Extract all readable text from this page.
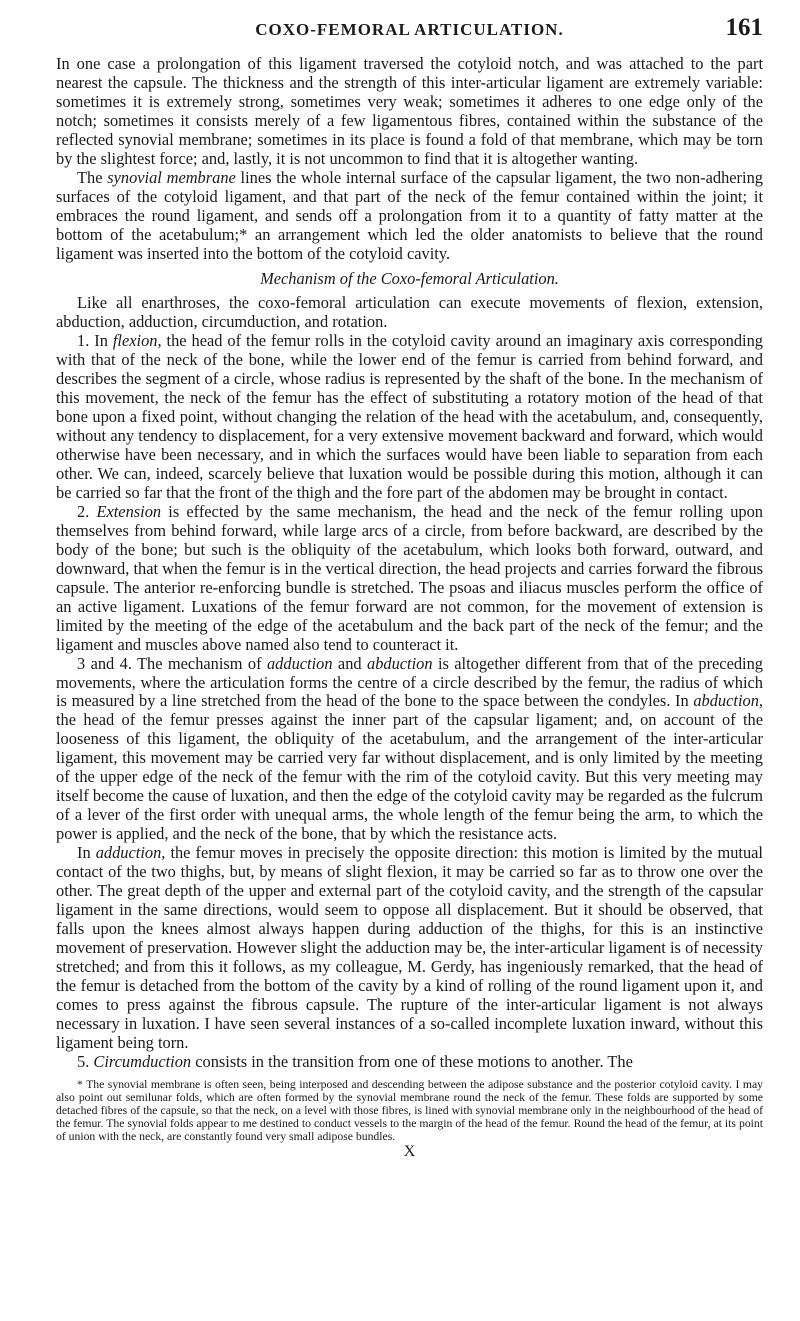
COXO-FEMORAL ARTICULATION.	161

In one case a prolongation of this ligament traversed the cotyloid notch, and was attached to the part nearest the capsule. The thickness and the strength of this inter-articular ligament are extremely variable: sometimes it is extremely strong, sometimes very weak; sometimes it adheres to one edge only of the notch; sometimes it consists merely of a few ligamentous fibres, contained within the substance of the reflected synovial membrane; sometimes in its place is found a fold of that membrane, which may be torn by the slightest force; and, lastly, it is not uncommon to find that it is altogether wanting.

The synovial membrane lines the whole internal surface of the capsular ligament, the two non-adhering surfaces of the cotyloid ligament, and that part of the neck of the femur contained within the joint; it embraces the round ligament, and sends off a prolongation from it to a quantity of fatty matter at the bottom of the acetabulum;* an arrangement which led the older anatomists to believe that the round ligament was inserted into the bottom of the cotyloid cavity.

Mechanism of the Coxo-femoral Articulation.

Like all enarthroses, the coxo-femoral articulation can execute movements of flexion, extension, abduction, adduction, circumduction, and rotation.

1. In flexion, the head of the femur rolls in the cotyloid cavity around an imaginary axis corresponding with that of the neck of the bone, while the lower end of the femur is carried from behind forward, and describes the segment of a circle, whose radius is represented by the shaft of the bone. In the mechanism of this movement, the neck of the femur has the effect of substituting a rotatory motion of the head of that bone upon a fixed point, without changing the relation of the head with the acetabulum, and, consequently, without any tendency to displacement, for a very extensive movement backward and forward, which would otherwise have been necessary, and in which the surfaces would have been liable to separation from each other. We can, indeed, scarcely believe that luxation would be possible during this motion, although it can be carried so far that the front of the thigh and the fore part of the abdomen may be brought in contact.

2. Extension is effected by the same mechanism, the head and the neck of the femur rolling upon themselves from behind forward, while large arcs of a circle, from before backward, are described by the body of the bone; but such is the obliquity of the acetabulum, which looks both forward, outward, and downward, that when the femur is in the vertical direction, the head projects and carries forward the fibrous capsule. The anterior re-enforcing bundle is stretched. The psoas and iliacus muscles perform the office of an active ligament. Luxations of the femur forward are not common, for the movement of extension is limited by the meeting of the edge of the acetabulum and the back part of the neck of the femur; and the ligament and muscles above named also tend to counteract it.

3 and 4. The mechanism of adduction and abduction is altogether different from that of the preceding movements, where the articulation forms the centre of a circle described by the femur, the radius of which is measured by a line stretched from the head of the bone to the space between the condyles. In abduction, the head of the femur presses against the inner part of the capsular ligament; and, on account of the looseness of this ligament, the obliquity of the acetabulum, and the arrangement of the inter-articular ligament, this movement may be carried very far without displacement, and is only limited by the meeting of the upper edge of the neck of the femur with the rim of the cotyloid cavity. But this very meeting may itself become the cause of luxation, and then the edge of the cotyloid cavity may be regarded as the fulcrum of a lever of the first order with unequal arms, the whole length of the femur being the arm, to which the power is applied, and the neck of the bone, that by which the resistance acts.

In adduction, the femur moves in precisely the opposite direction: this motion is limited by the mutual contact of the two thighs, but, by means of slight flexion, it may be carried so far as to throw one over the other. The great depth of the upper and external part of the cotyloid cavity, and the strength of the capsular ligament in the same directions, would seem to oppose all displacement. But it should be observed, that falls upon the knees almost always happen during adduction of the thighs, for this is an instinctive movement of preservation. However slight the adduction may be, the inter-articular ligament is of necessity stretched; and from this it follows, as my colleague, M. Gerdy, has ingeniously remarked, that the head of the femur is detached from the bottom of the cavity by a kind of rolling of the round ligament upon it, and comes to press against the fibrous capsule. The rupture of the inter-articular ligament is not always necessary in luxation. I have seen several instances of a so-called incomplete luxation inward, without this ligament being torn.

5. Circumduction consists in the transition from one of these motions to another. The

* The synovial membrane is often seen, being interposed and descending between the adipose substance and the posterior cotyloid cavity. I may also point out semilunar folds, which are often formed by the synovial membrane round the neck of the femur. These folds are supported by some detached fibres of the capsule, so that the neck, on a level with those fibres, is lined with synovial membrane only in the neighbourhood of the head of the femur. The synovial folds appear to me destined to conduct vessels to the margin of the head of the femur. Round the head of the femur, at its point of union with the neck, are constantly found very small adipose bundles.

X
